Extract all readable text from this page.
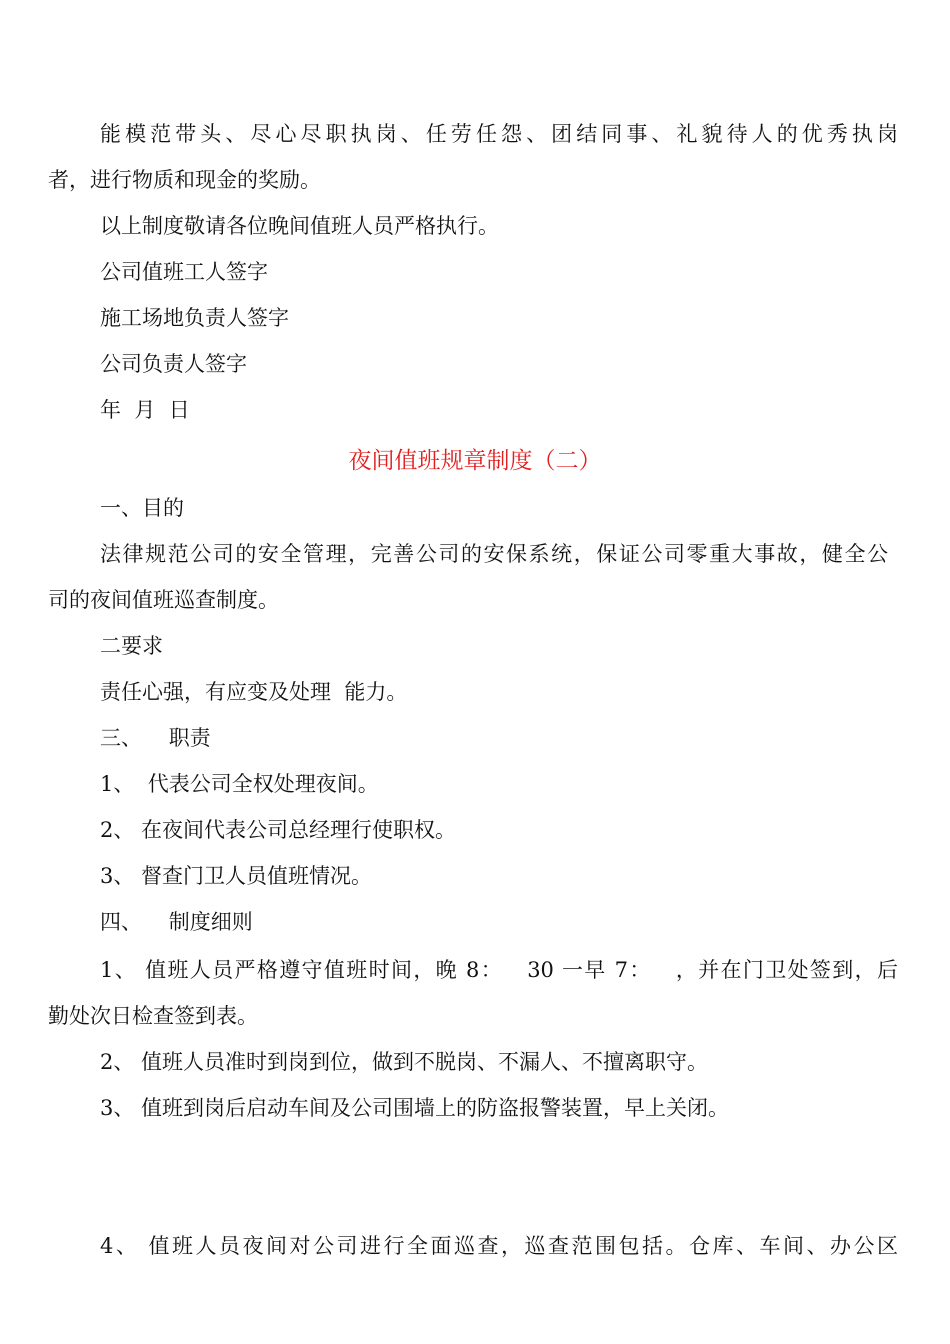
能模范带头、尽心尽职执岗、任劳任怨、团结同事、礼貌待人的优秀执岗
者，进行物质和现金的奖励。
以上制度敬请各位晚间值班人员严格执行。
公司值班工人签字
施工场地负责人签字
公司负责人签字
年  月  日
夜间值班规章制度（二）
一、目的
法律规范公司的安全管理，完善公司的安保系统，保证公司零重大事故，健全公
司的夜间值班巡查制度。
二要求
责任心强，有应变及处理  能力。
三、    职责
1、  代表公司全权处理夜间。
2、 在夜间代表公司总经理行使职权。
3、 督查门卫人员值班情况。
四、    制度细则
1、 值班人员严格遵守值班时间，晚 8：   30 一早 7：   ，并在门卫处签到，后
勤处次日检查签到表。
2、 值班人员准时到岗到位，做到不脱岗、不漏人、不擅离职守。
3、 值班到岗后启动车间及公司围墙上的防盗报警装置，早上关闭。
4、 值班人员夜间对公司进行全面巡查，巡查范围包括。仓库、车间、办公区
